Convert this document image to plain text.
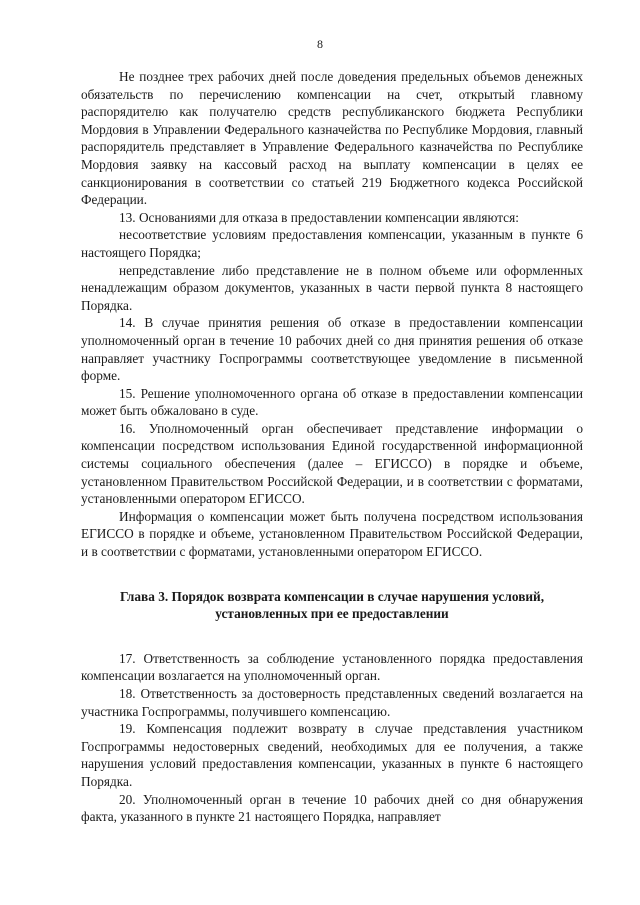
8

Не позднее трех рабочих дней после доведения предельных объемов денежных обязательств по перечислению компенсации на счет, открытый главному распорядителю как получателю средств республиканского бюджета Республики Мордовия в Управлении Федерального казначейства по Республике Мордовия, главный распорядитель представляет в Управление Федерального казначейства по Республике Мордовия заявку на кассовый расход на выплату компенсации в целях ее санкционирования в соответствии со статьей 219 Бюджетного кодекса Российской Федерации.

13. Основаниями для отказа в предоставлении компенсации являются:

несоответствие условиям предоставления компенсации, указанным в пункте 6 настоящего Порядка;

непредставление либо представление не в полном объеме или оформленных ненадлежащим образом документов, указанных в части первой пункта 8 настоящего Порядка.

14. В случае принятия решения об отказе в предоставлении компенсации уполномоченный орган в течение 10 рабочих дней со дня принятия решения об отказе направляет участнику Госпрограммы соответствующее уведомление в письменной форме.

15. Решение уполномоченного органа об отказе в предоставлении компенсации может быть обжаловано в суде.

16. Уполномоченный орган обеспечивает представление информации о компенсации посредством использования Единой государственной информационной системы социального обеспечения (далее – ЕГИССО) в порядке и объеме, установленном Правительством Российской Федерации, и в соответствии с форматами, установленными оператором ЕГИССО.

Информация о компенсации может быть получена посредством использования ЕГИССО в порядке и объеме, установленном Правительством Российской Федерации, и в соответствии с форматами, установленными оператором ЕГИССО.

Глава 3. Порядок возврата компенсации в случае нарушения условий,

установленных при ее предоставлении

17. Ответственность за соблюдение установленного порядка предоставления компенсации возлагается на уполномоченный орган.

18. Ответственность за достоверность представленных сведений возлагается на участника Госпрограммы, получившего компенсацию.

19. Компенсация подлежит возврату в случае представления участником Госпрограммы недостоверных сведений, необходимых для ее получения, а также нарушения условий предоставления компенсации, указанных в пункте 6 настоящего Порядка.

20. Уполномоченный орган в течение 10 рабочих дней со дня обнаружения факта, указанного в пункте 21 настоящего Порядка, направляет
